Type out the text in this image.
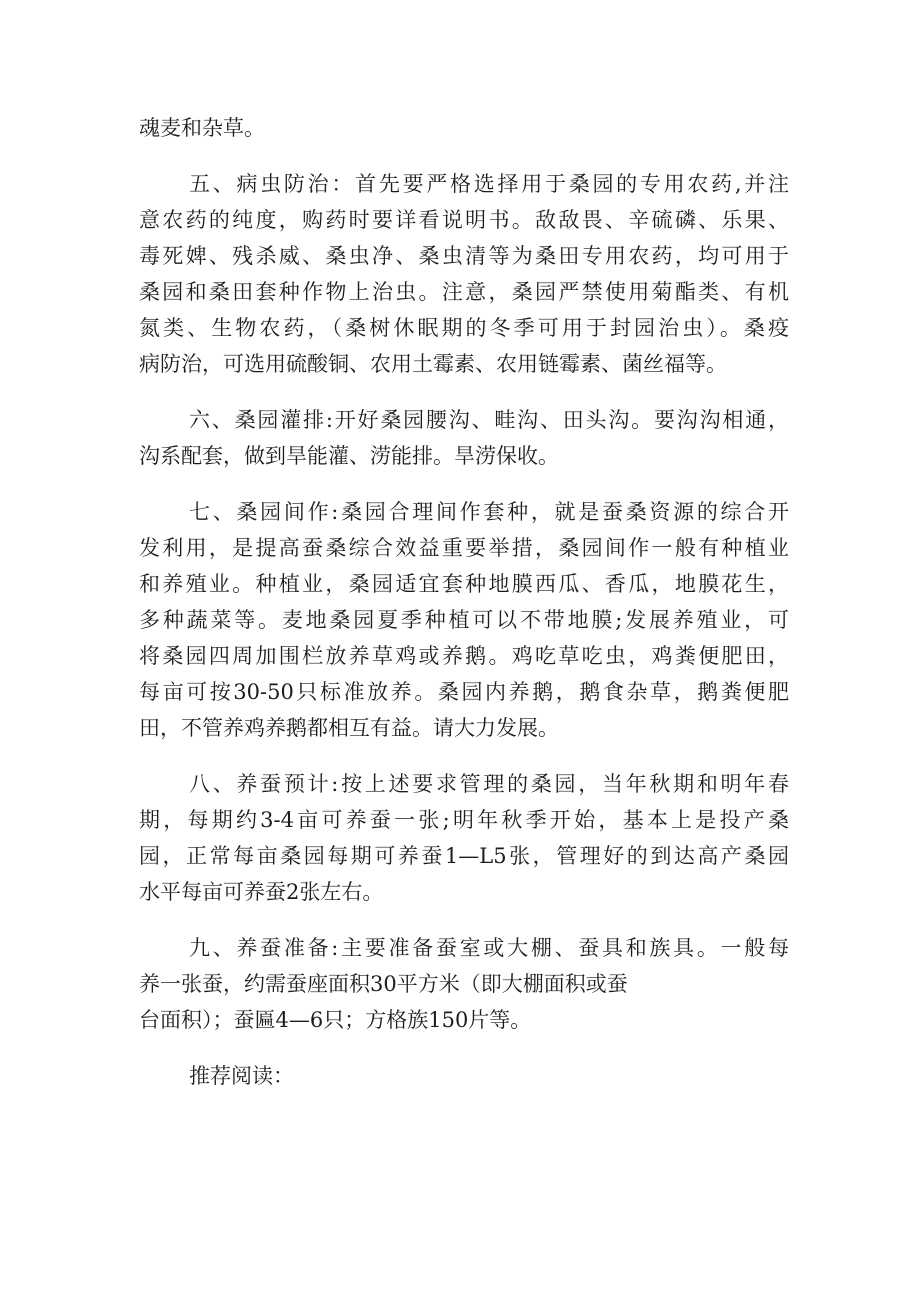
魂麦和杂草。
五、病虫防治：首先要严格选择用于桑园的专用农药,并注
意农药的纯度，购药时要详看说明书。敌敌畏、辛硫磷、乐果、
毒死婢、残杀威、桑虫净、桑虫清等为桑田专用农药，均可用于
桑园和桑田套种作物上治虫。注意，桑园严禁使用菊酯类、有机
氮类、生物农药，（桑树休眠期的冬季可用于封园治虫）。桑疫
病防治，可选用硫酸铜、农用土霉素、农用链霉素、菌丝福等。
六、桑园灌排:开好桑园腰沟、畦沟、田头沟。要沟沟相通，
沟系配套，做到旱能灌、涝能排。旱涝保收。
七、桑园间作:桑园合理间作套种，就是蚕桑资源的综合开
发利用，是提高蚕桑综合效益重要举措，桑园间作一般有种植业
和养殖业。种植业，桑园适宜套种地膜西瓜、香瓜，地膜花生，
多种蔬菜等。麦地桑园夏季种植可以不带地膜;发展养殖业，可
将桑园四周加围栏放养草鸡或养鹅。鸡吃草吃虫，鸡粪便肥田，
每亩可按30-50只标准放养。桑园内养鹅，鹅食杂草，鹅粪便肥
田，不管养鸡养鹅都相互有益。请大力发展。
八、养蚕预计:按上述要求管理的桑园，当年秋期和明年春
期，每期约3-4亩可养蚕一张;明年秋季开始，基本上是投产桑
园，正常每亩桑园每期可养蚕1—L5张，管理好的到达高产桑园
水平每亩可养蚕2张左右。
九、养蚕准备:主要准备蚕室或大棚、蚕具和族具。一般每
养一张蚕，约需蚕座面积30平方米（即大棚面积或蚕
台面积）；蚕匾4—6只；方格族150片等。
推荐阅读：
